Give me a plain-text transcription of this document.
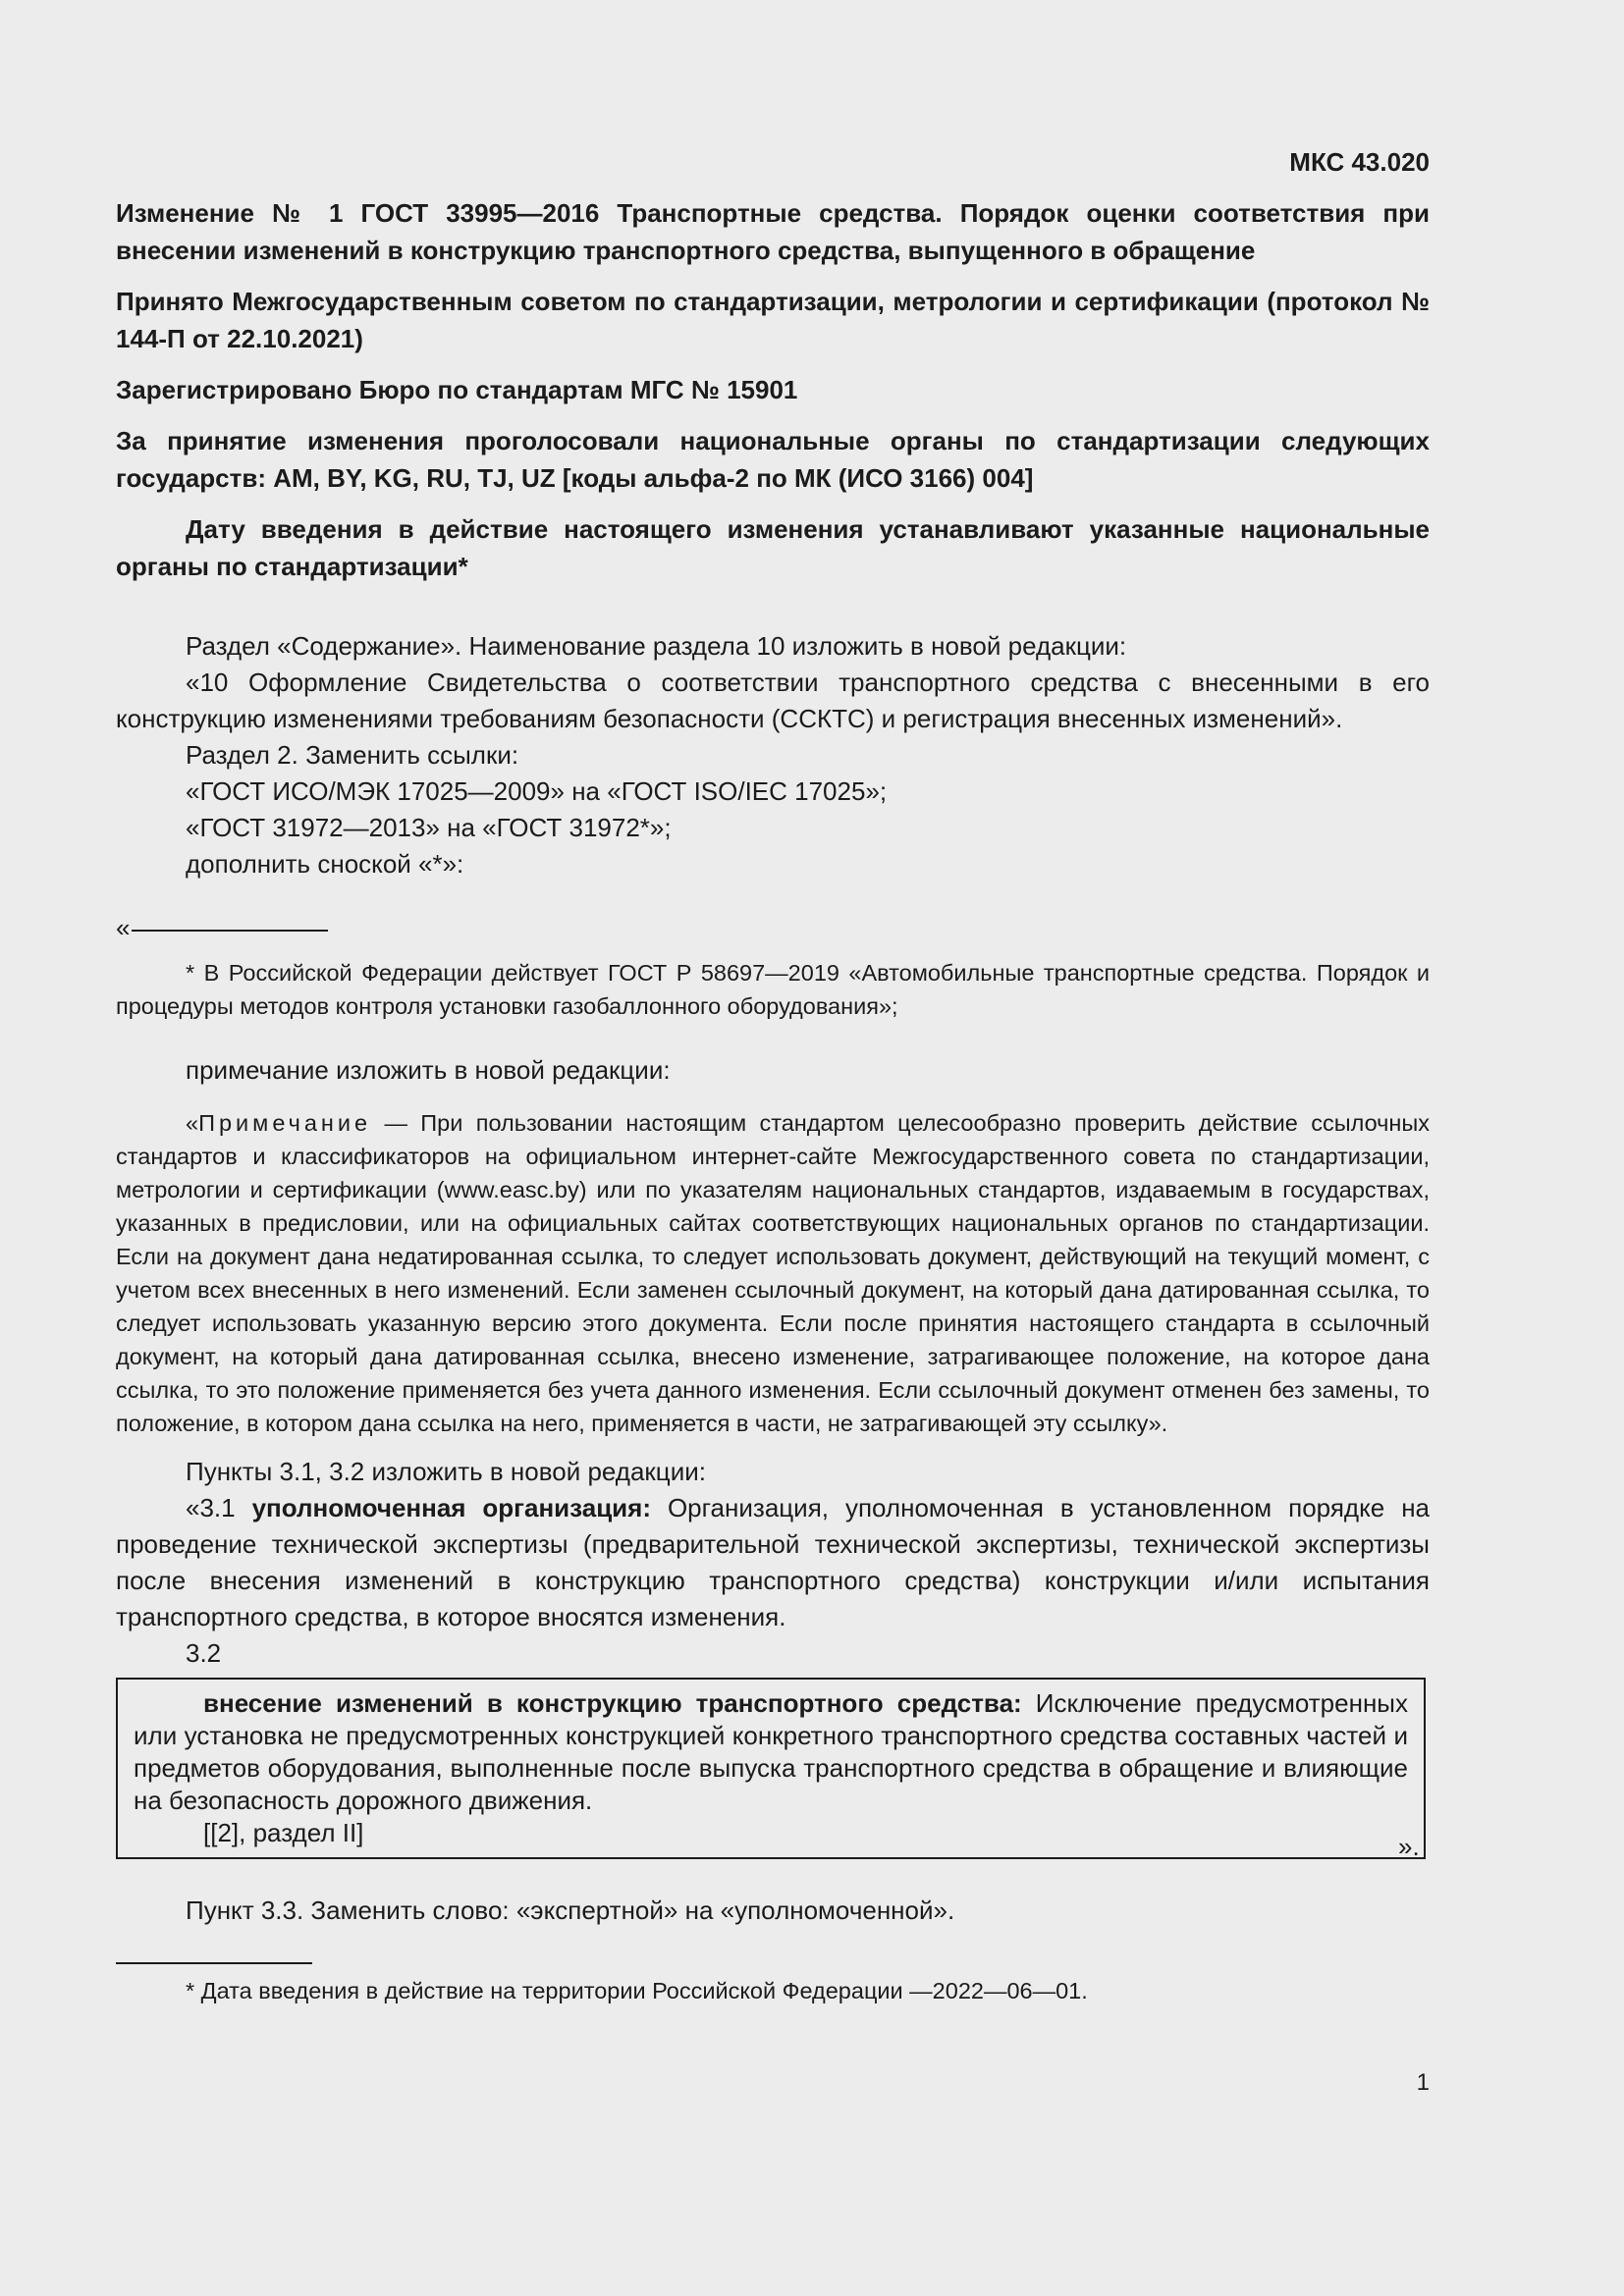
МКС 43.020

Изменение № 1 ГОСТ 33995—2016 Транспортные средства. Порядок оценки соответствия при внесении изменений в конструкцию транспортного средства, выпущенного в обращение

Принято Межгосударственным советом по стандартизации, метрологии и сертификации (протокол № 144-П от 22.10.2021)

Зарегистрировано Бюро по стандартам МГС № 15901

За принятие изменения проголосовали национальные органы по стандартизации следующих государств: AM, BY, KG, RU, TJ, UZ [коды альфа-2 по МК (ИСО 3166) 004]

Дату введения в действие настоящего изменения устанавливают указанные национальные органы по стандартизации*

Раздел «Содержание». Наименование раздела 10 изложить в новой редакции:

«10 Оформление Свидетельства о соответствии транспортного средства с внесенными в его конструкцию изменениями требованиям безопасности (ССКТС) и регистрация внесенных изменений».

Раздел 2. Заменить ссылки:

«ГОСТ ИСО/МЭК 17025—2009» на «ГОСТ ISO/IEC 17025»;

«ГОСТ 31972—2013» на «ГОСТ 31972*»;

дополнить сноской «*»:

«

* В Российской Федерации действует ГОСТ Р 58697—2019 «Автомобильные транспортные средства. Порядок и процедуры методов контроля установки газобаллонного оборудования»;

примечание изложить в новой редакции:

«Примечание — При пользовании настоящим стандартом целесообразно проверить действие ссылочных стандартов и классификаторов на официальном интернет-сайте Межгосударственного совета по стандартизации, метрологии и сертификации (www.easc.by) или по указателям национальных стандартов, издаваемым в государствах, указанных в предисловии, или на официальных сайтах соответствующих национальных органов по стандартизации. Если на документ дана недатированная ссылка, то следует использовать документ, действующий на текущий момент, с учетом всех внесенных в него изменений. Если заменен ссылочный документ, на который дана датированная ссылка, то следует использовать указанную версию этого документа. Если после принятия настоящего стандарта в ссылочный документ, на который дана датированная ссылка, внесено изменение, затрагивающее положение, на которое дана ссылка, то это положение применяется без учета данного изменения. Если ссылочный документ отменен без замены, то положение, в котором дана ссылка на него, применяется в части, не затрагивающей эту ссылку».

Пункты 3.1, 3.2 изложить в новой редакции:

«3.1 уполномоченная организация: Организация, уполномоченная в установленном порядке на проведение технической экспертизы (предварительной технической экспертизы, технической экспертизы после внесения изменений в конструкцию транспортного средства) конструкции и/или испытания транспортного средства, в которое вносятся изменения.

3.2

внесение изменений в конструкцию транспортного средства: Исключение предусмотренных или установка не предусмотренных конструкцией конкретного транспортного средства составных частей и предметов оборудования, выполненные после выпуска транспортного средства в обращение и влияющие на безопасность дорожного движения.

[[2], раздел II]	».

Пункт 3.3. Заменить слово: «экспертной» на «уполномоченной».

* Дата введения в действие на территории Российской Федерации —2022—06—01.

1
